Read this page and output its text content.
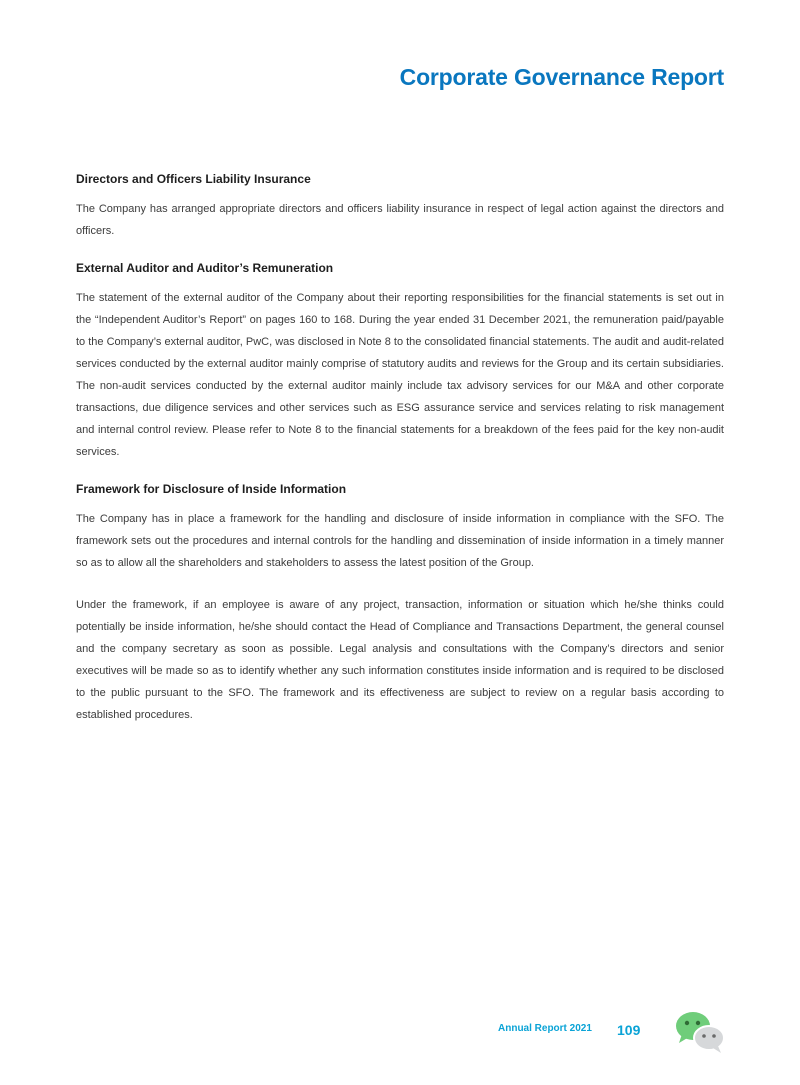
Corporate Governance Report
Directors and Officers Liability Insurance

The Company has arranged appropriate directors and officers liability insurance in respect of legal action against the directors and officers.

External Auditor and Auditor’s Remuneration

The statement of the external auditor of the Company about their reporting responsibilities for the financial statements is set out in the “Independent Auditor’s Report” on pages 160 to 168. During the year ended 31 December 2021, the remuneration paid/payable to the Company’s external auditor, PwC, was disclosed in Note 8 to the consolidated financial statements. The audit and audit-related services conducted by the external auditor mainly comprise of statutory audits and reviews for the Group and its certain subsidiaries. The non-audit services conducted by the external auditor mainly include tax advisory services for our M&A and other corporate transactions, due diligence services and other services such as ESG assurance service and services relating to risk management and internal control review. Please refer to Note 8 to the financial statements for a breakdown of the fees paid for the key non-audit services.

Framework for Disclosure of Inside Information

The Company has in place a framework for the handling and disclosure of inside information in compliance with the SFO. The framework sets out the procedures and internal controls for the handling and dissemination of inside information in a timely manner so as to allow all the shareholders and stakeholders to assess the latest position of the Group.

Under the framework, if an employee is aware of any project, transaction, information or situation which he/she thinks could potentially be inside information, he/she should contact the Head of Compliance and Transactions Department, the general counsel and the company secretary as soon as possible. Legal analysis and consultations with the Company’s directors and senior executives will be made so as to identify whether any such information constitutes inside information and is required to be disclosed to the public pursuant to the SFO. The framework and its effectiveness are subject to review on a regular basis according to established procedures.

Annual Report 2021 109
